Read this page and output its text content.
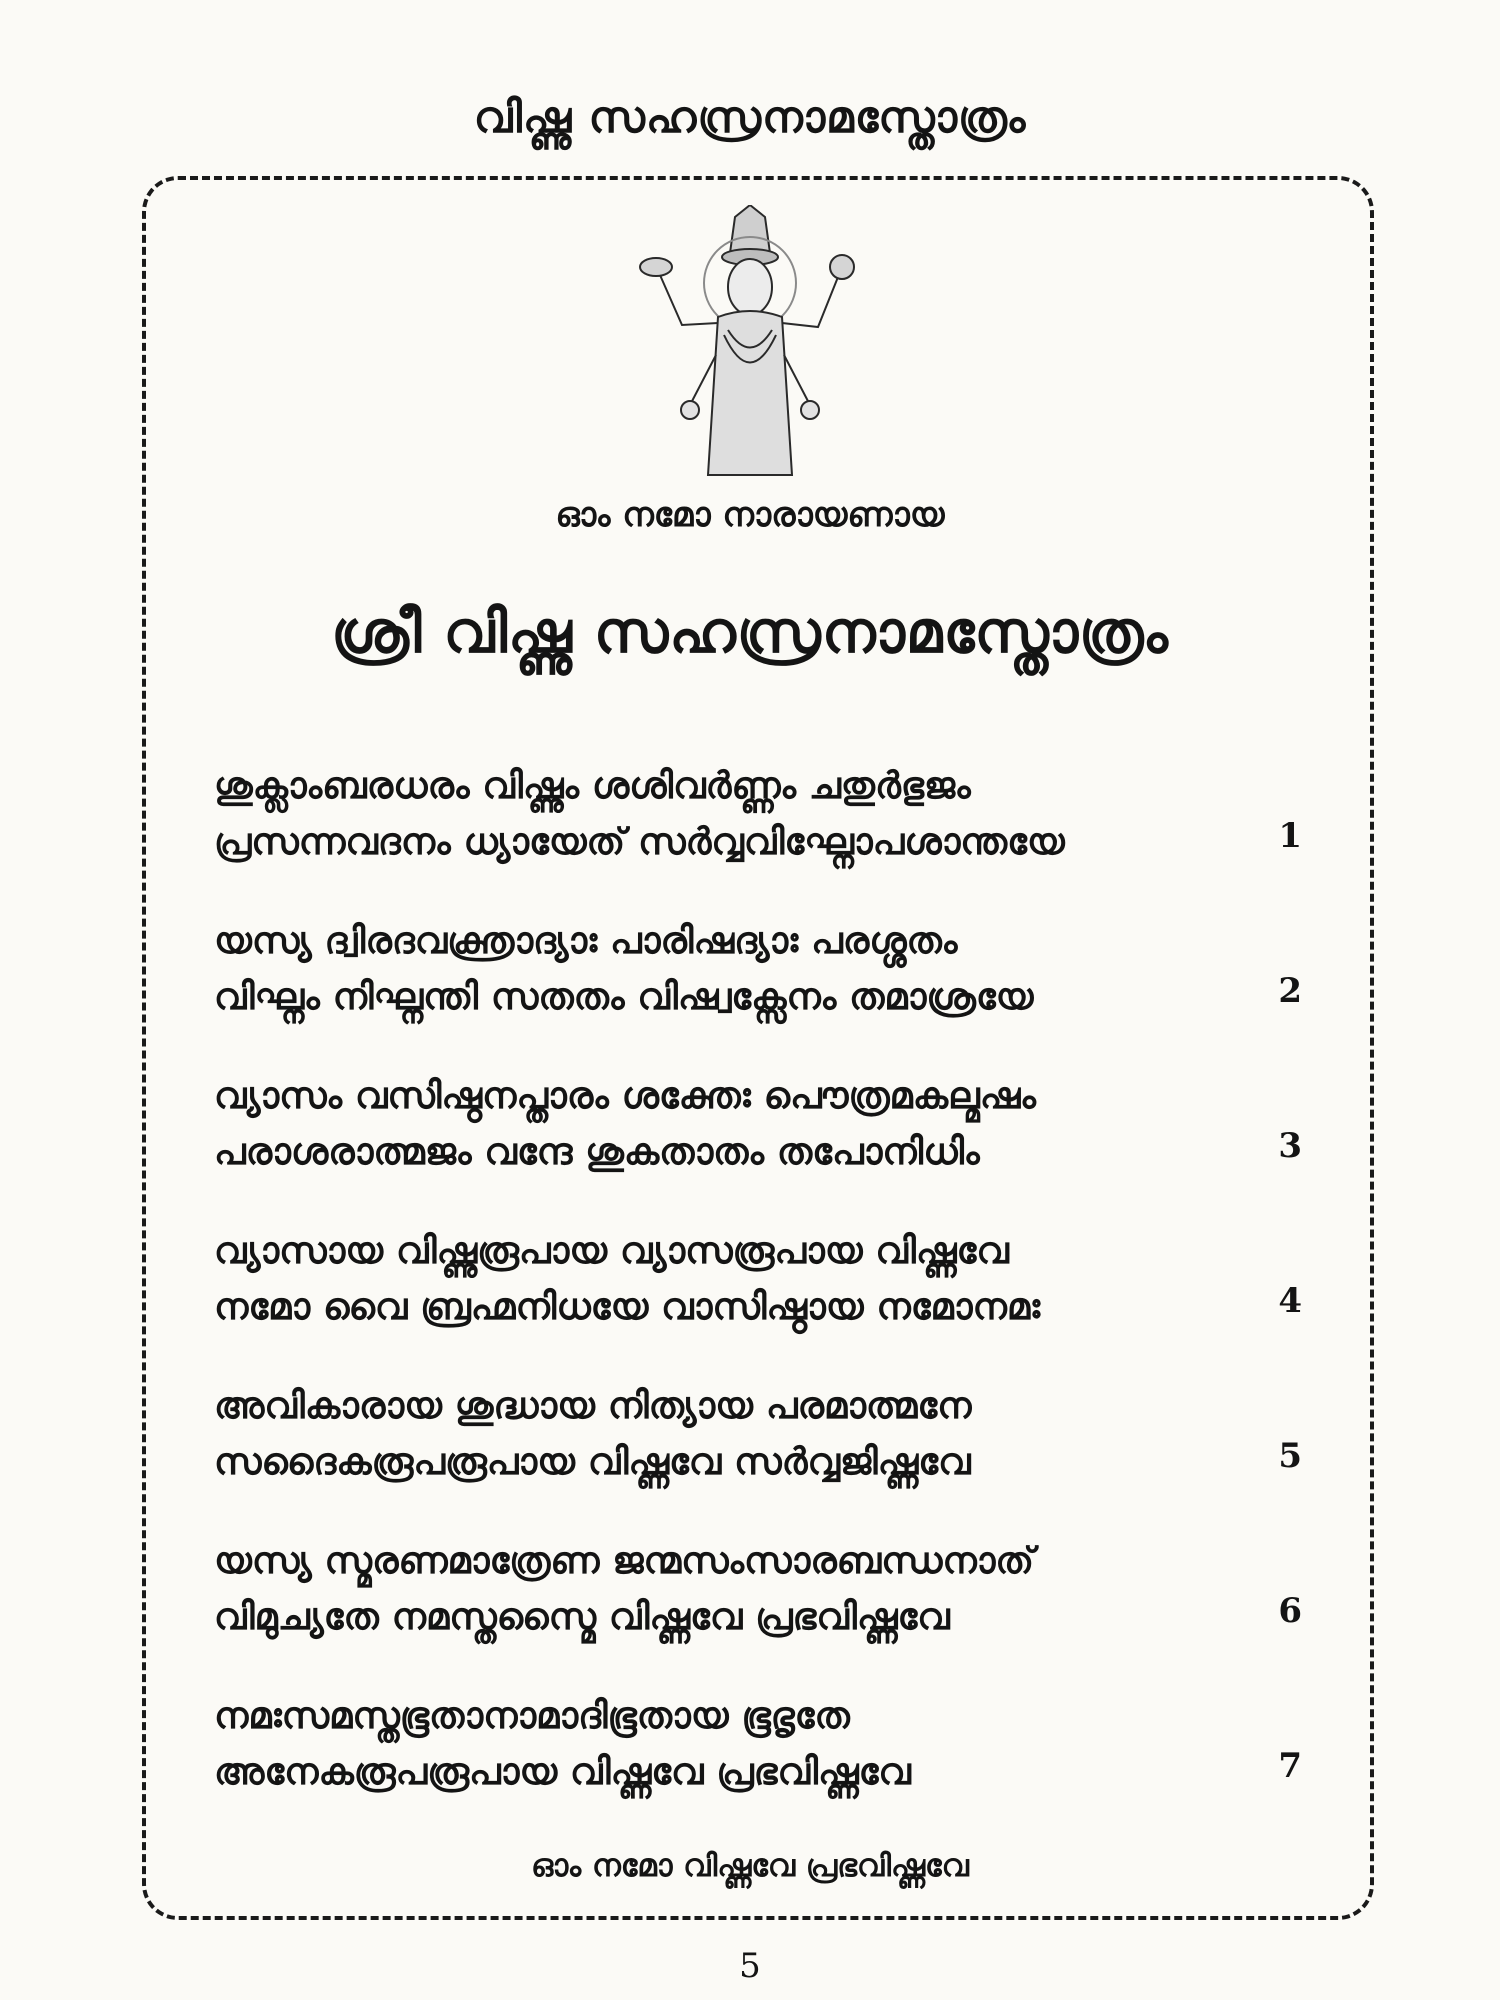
വിഷ്ണു സഹസ്രനാമസ്തോത്രം
ഓം നമോ നാരായണായ
ശ്രീ വിഷ്ണു സഹസ്രനാമസ്തോത്രം
ശുക്ലാംബരധരം വിഷ്ണും ശശിവർണ്ണം ചതുർഭുജം
പ്രസന്നവദനം ധ്യായേത് സർവ്വവിഘ്നോപശാന്തയേ	1
യസ്യ ദ്വിരദവക്ത്രാദ്യാഃ പാരിഷദ്യാഃ പരശ്ശതം
വിഘ്നം നിഘ്നന്തി സതതം വിഷ്വക്സേനം തമാശ്രയേ	2
വ്യാസം വസിഷ്ഠനപ്താരം ശക്തേഃ പൌത്രമകല്മഷം
പരാശരാത്മജം വന്ദേ ശുകതാതം തപോനിധിം	3
വ്യാസായ വിഷ്ണുരൂപായ വ്യാസരൂപായ വിഷ്ണവേ
നമോ വൈ ബ്രഹ്മനിധയേ വാസിഷ്ഠായ നമോനമഃ	4
അവികാരായ ശുദ്ധായ നിത്യായ പരമാത്മനേ
സദൈകരൂപരൂപായ വിഷ്ണവേ സർവ്വജിഷ്ണവേ	5
യസ്യ സ്മരണമാത്രേണ ജന്മസംസാരബന്ധനാത്
വിമുച്യതേ നമസ്തസ്മൈ വിഷ്ണവേ പ്രഭവിഷ്ണവേ	6
നമഃസമസ്തഭൂതാനാമാദിഭൂതായ ഭൂഭൃതേ
അനേകരൂപരൂപായ വിഷ്ണവേ പ്രഭവിഷ്ണവേ	7
ഓം നമോ വിഷ്ണവേ പ്രഭവിഷ്ണവേ
5
